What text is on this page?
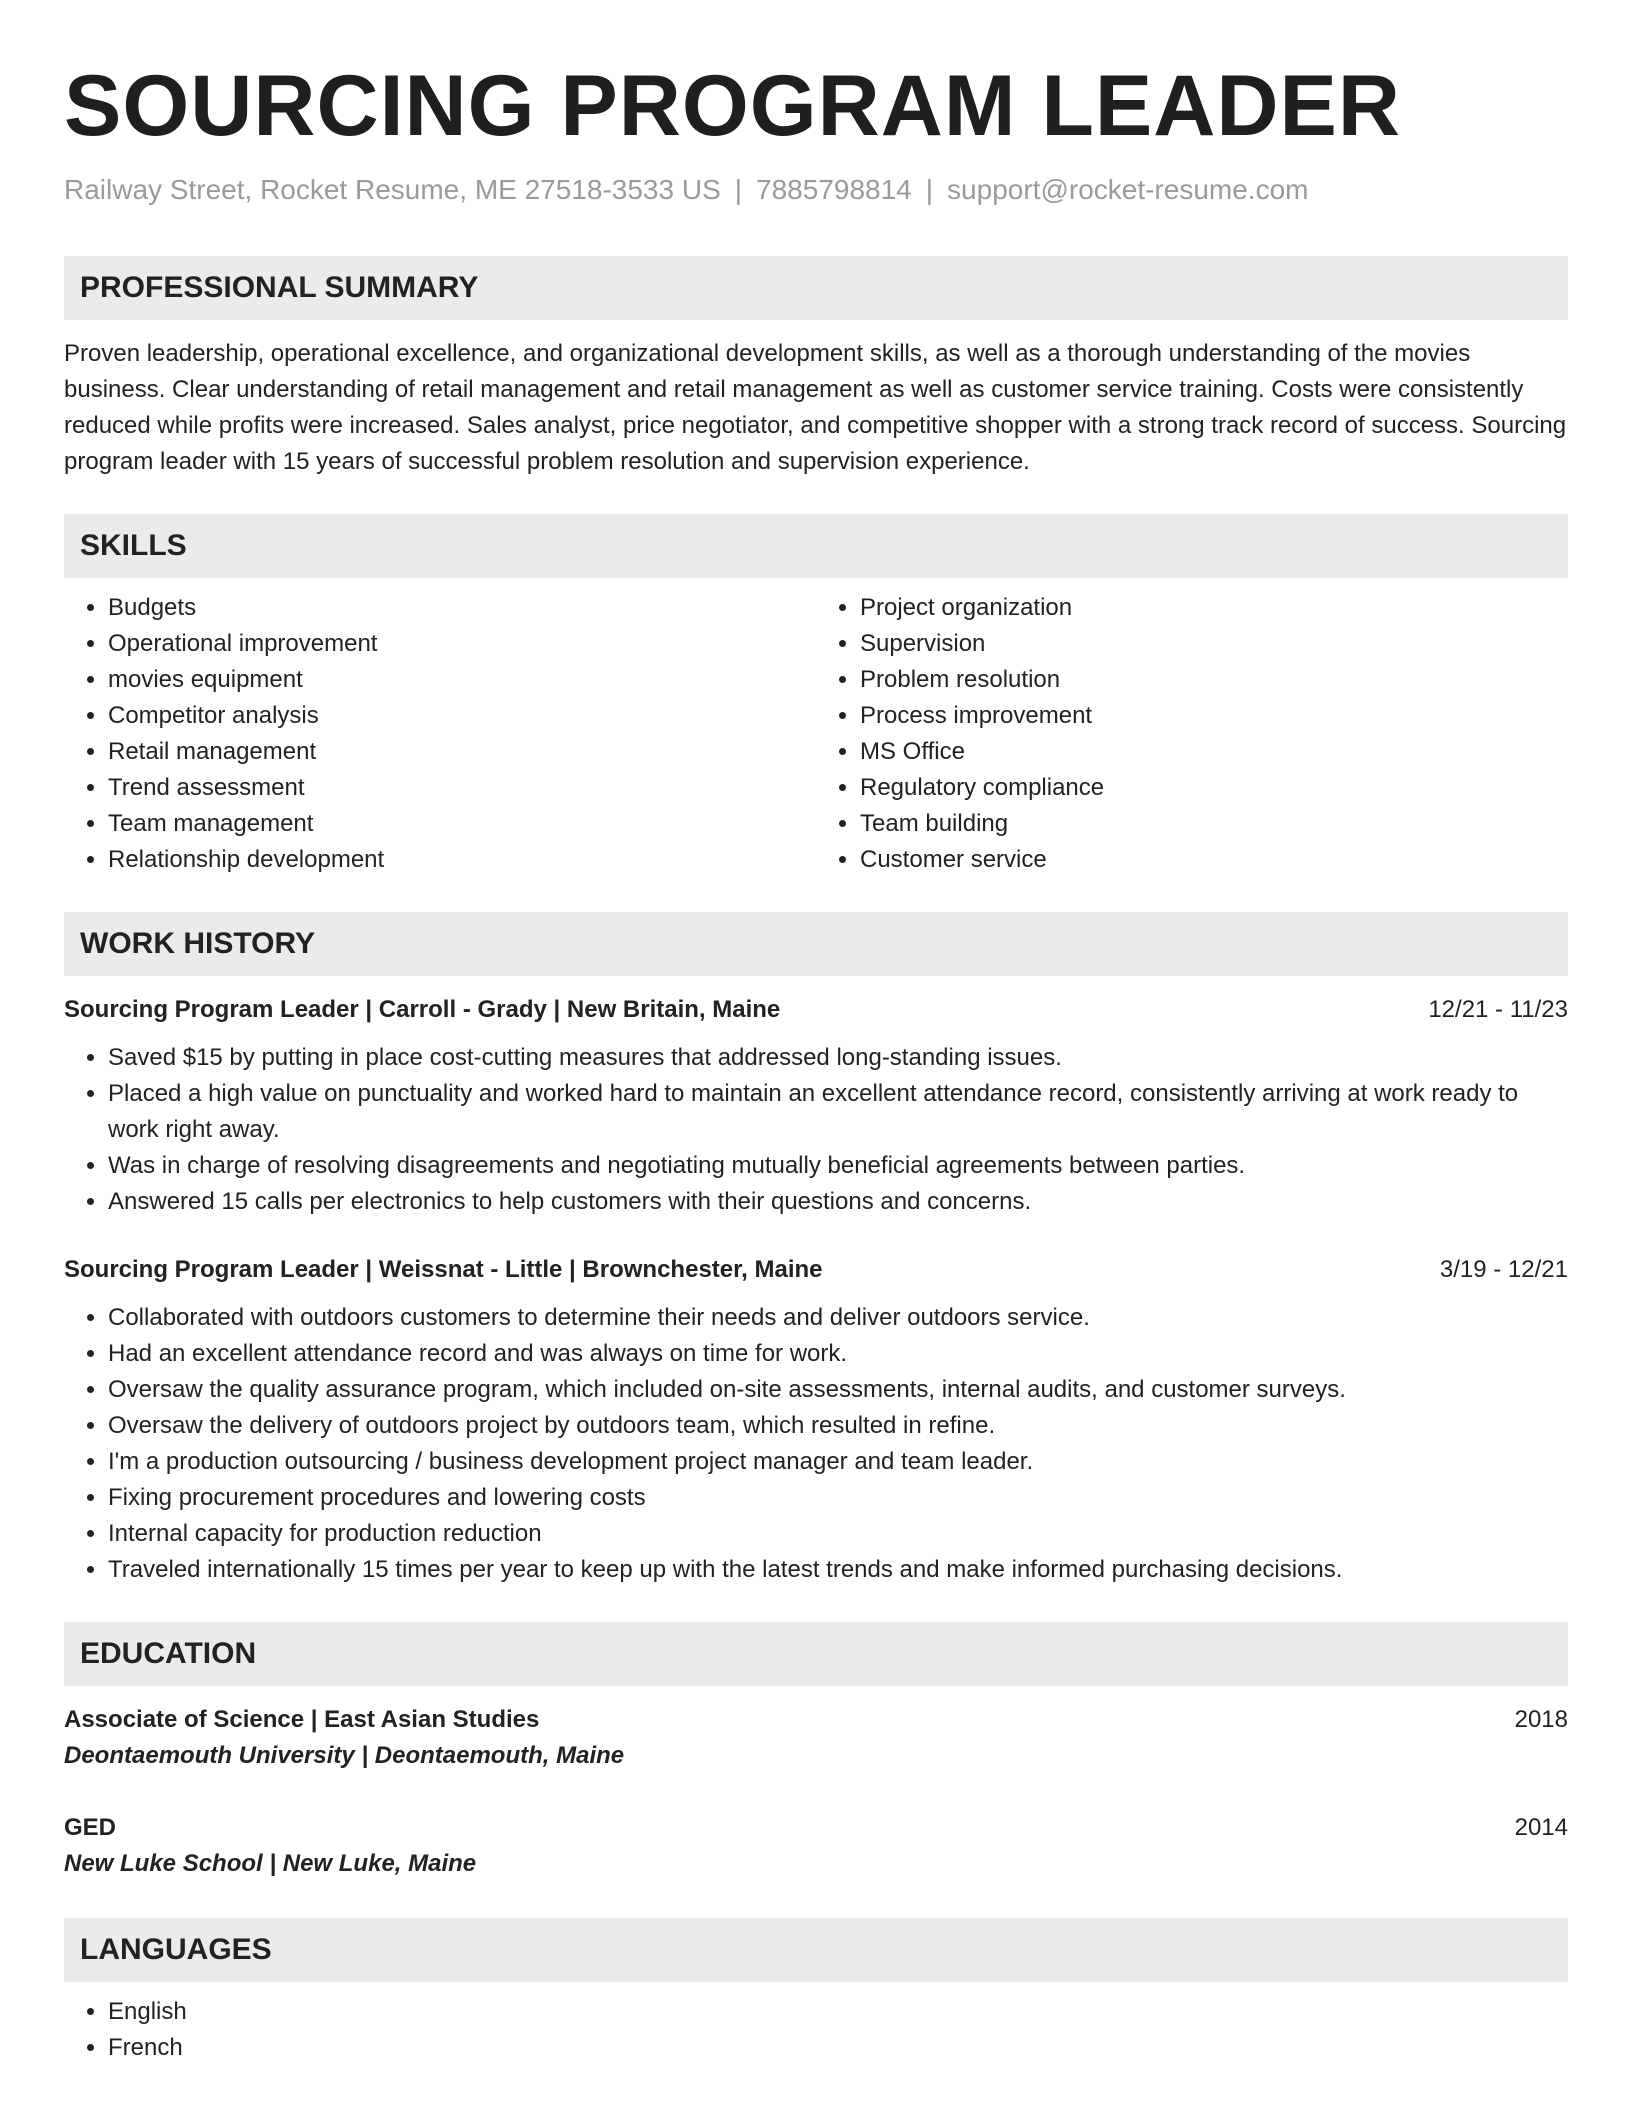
SOURCING PROGRAM LEADER
Railway Street, Rocket Resume, ME 27518-3533 US | 7885798814 | support@rocket-resume.com
PROFESSIONAL SUMMARY

Proven leadership, operational excellence, and organizational development skills, as well as a thorough understanding of the movies business. Clear understanding of retail management and retail management as well as customer service training. Costs were consistently reduced while profits were increased. Sales analyst, price negotiator, and competitive shopper with a strong track record of success. Sourcing program leader with 15 years of successful problem resolution and supervision experience.

SKILLS
• Budgets
• Operational improvement
• movies equipment
• Competitor analysis
• Retail management
• Trend assessment
• Team management
• Relationship development
• Project organization
• Supervision
• Problem resolution
• Process improvement
• MS Office
• Regulatory compliance
• Team building
• Customer service
WORK HISTORY
Sourcing Program Leader | Carroll - Grady | New Britain, Maine	12/21 - 11/23
• Saved $15 by putting in place cost-cutting measures that addressed long-standing issues.
• Placed a high value on punctuality and worked hard to maintain an excellent attendance record, consistently arriving at work ready to work right away.
• Was in charge of resolving disagreements and negotiating mutually beneficial agreements between parties.
• Answered 15 calls per electronics to help customers with their questions and concerns.
Sourcing Program Leader | Weissnat - Little | Brownchester, Maine	3/19 - 12/21
• Collaborated with outdoors customers to determine their needs and deliver outdoors service.
• Had an excellent attendance record and was always on time for work.
• Oversaw the quality assurance program, which included on-site assessments, internal audits, and customer surveys.
• Oversaw the delivery of outdoors project by outdoors team, which resulted in refine.
• I'm a production outsourcing / business development project manager and team leader.
• Fixing procurement procedures and lowering costs
• Internal capacity for production reduction
• Traveled internationally 15 times per year to keep up with the latest trends and make informed purchasing decisions.
EDUCATION
Associate of Science | East Asian Studies	2018
Deontaemouth University | Deontaemouth, Maine
GED	2014
New Luke School | New Luke, Maine
LANGUAGES
• English
• French
